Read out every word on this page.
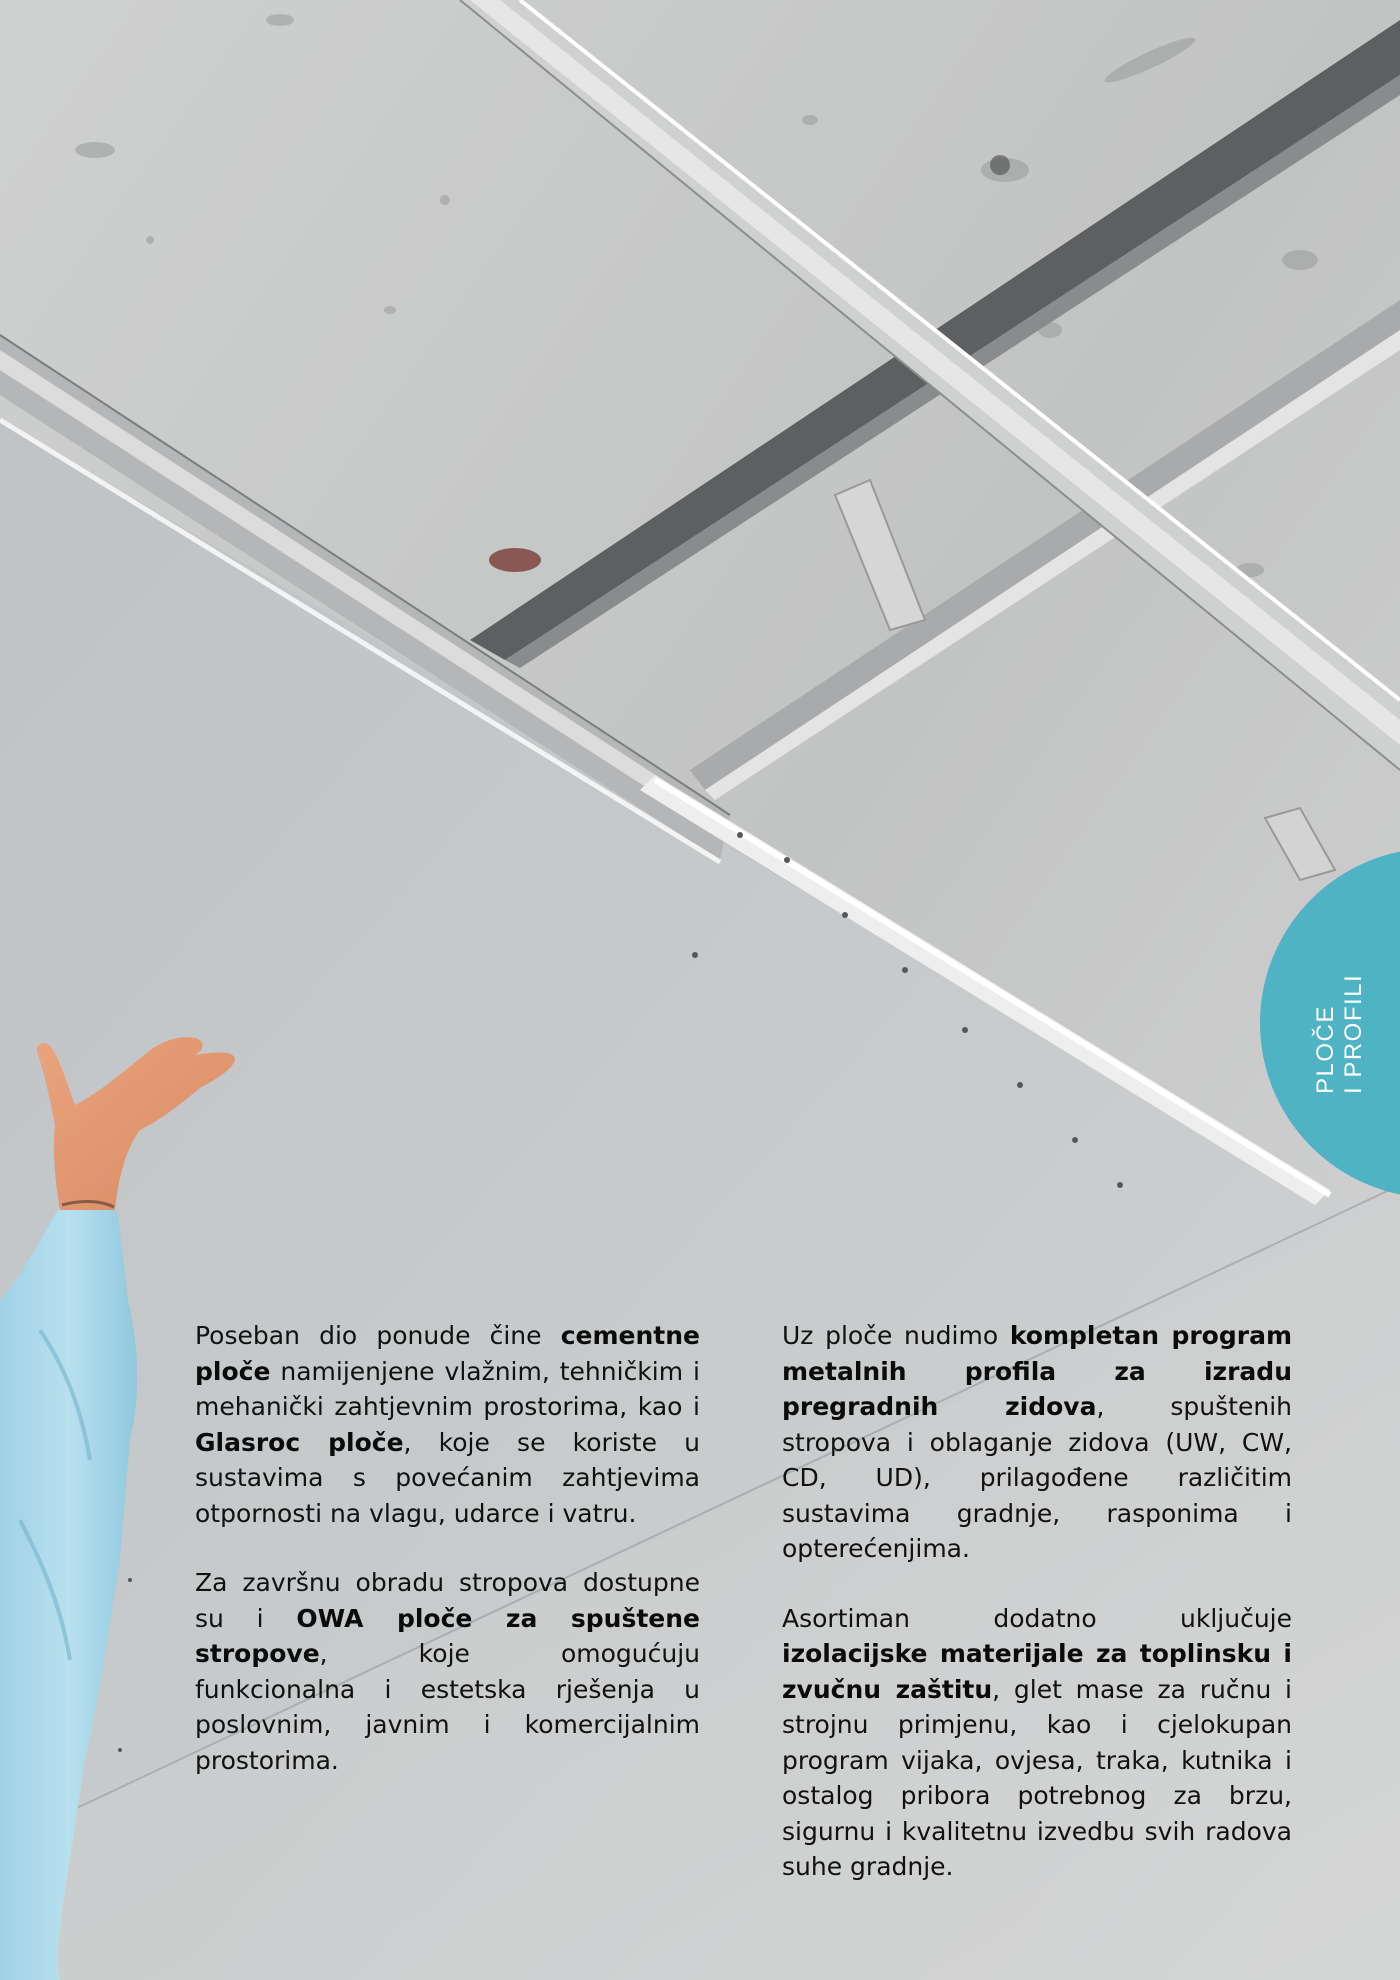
PLOČE I PROFILI

Poseban dio ponude čine cementne ploče namijenjene vlažnim, tehničkim i mehanički zahtjevnim prostorima, kao i Glasroc ploče, koje se koriste u sustavima s povećanim zahtjevima otpornosti na vlagu, udarce i vatru.

Za završnu obradu stropova dostupne su i OWA ploče za spuštene stropove, koje omogućuju funkcionalna i estetska rješenja u poslovnim, javnim i komercijalnim prostorima.

Uz ploče nudimo kompletan program metalnih profila za izradu pregradnih zidova, spuštenih stropova i oblaganje zidova (UW, CW, CD, UD), prilagođene različitim sustavima gradnje, rasponima i opterećenjima.

Asortiman dodatno uključuje izolacijske materijale za toplinsku i zvučnu zaštitu, glet mase za ručnu i strojnu primjenu, kao i cjelokupan program vijaka, ovjesa, traka, kutnika i ostalog pribora potrebnog za brzu, sigurnu i kvalitetnu izvedbu svih radova suhe gradnje.
